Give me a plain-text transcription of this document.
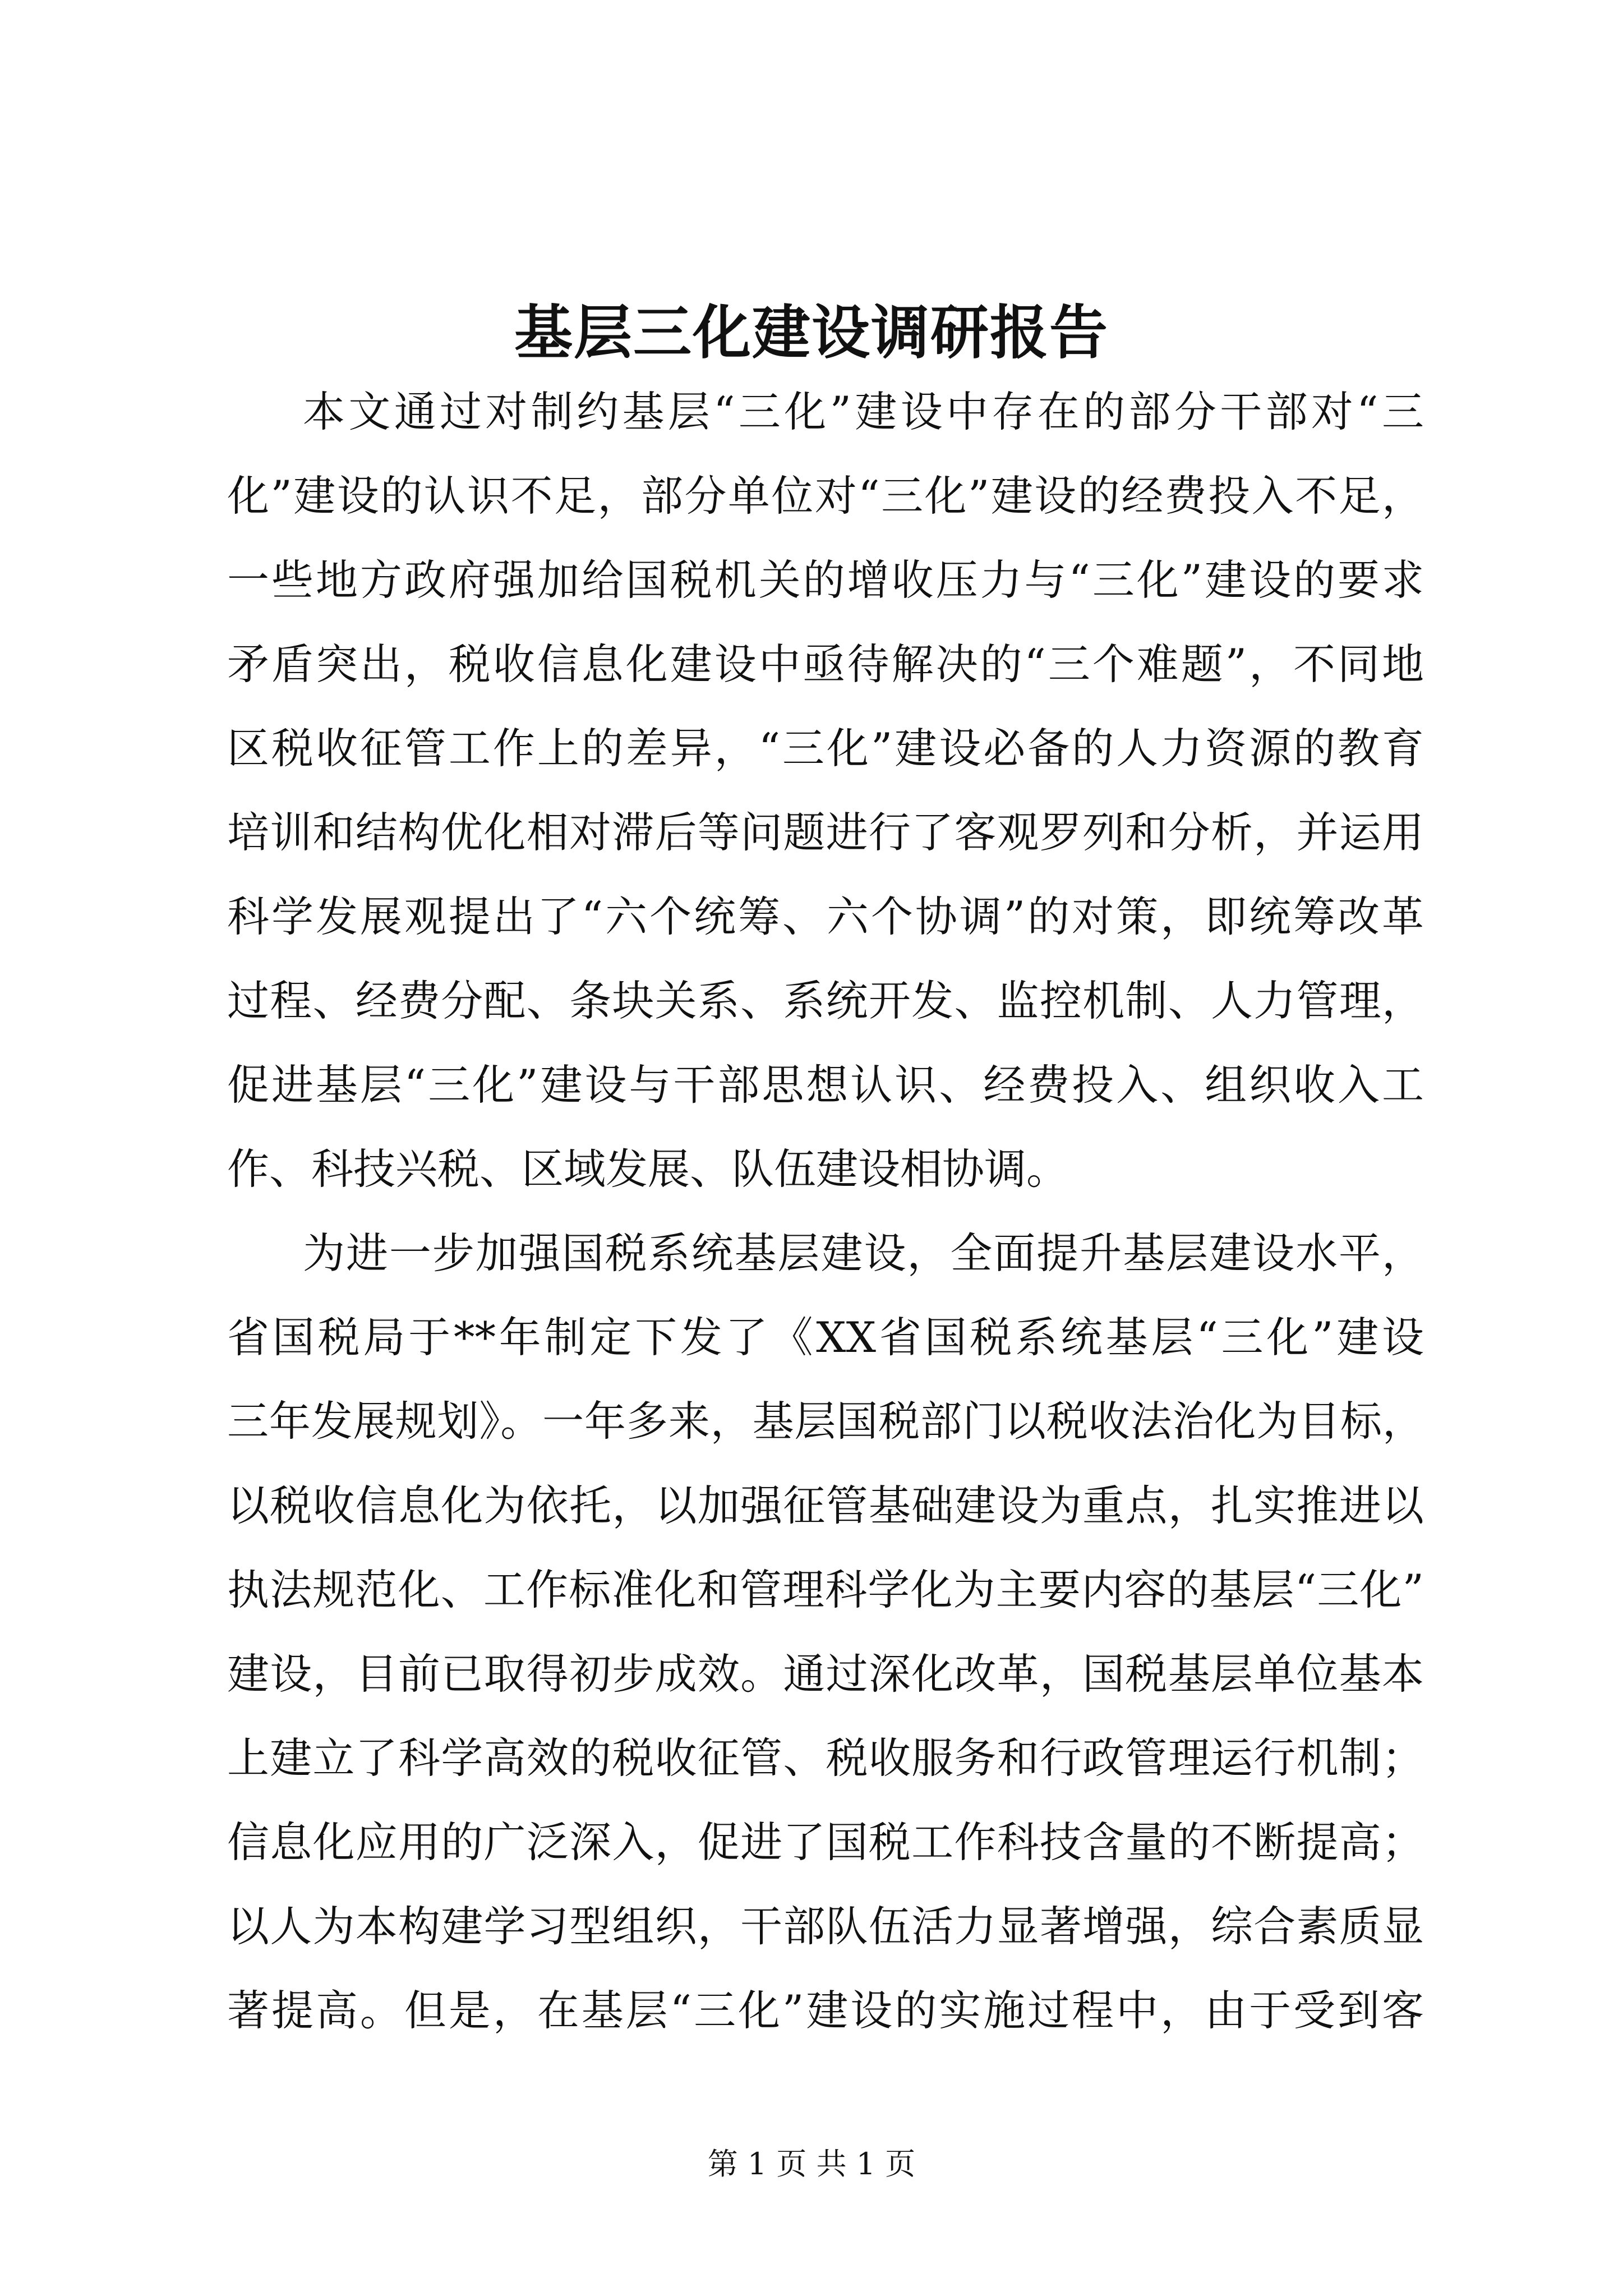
基层三化建设调研报告
本文通过对制约基层“三化”建设中存在的部分干部对“三
化”建设的认识不足，部分单位对“三化”建设的经费投入不足，
一些地方政府强加给国税机关的增收压力与“三化”建设的要求
矛盾突出，税收信息化建设中亟待解决的“三个难题”，不同地
区税收征管工作上的差异，“三化”建设必备的人力资源的教育
培训和结构优化相对滞后等问题进行了客观罗列和分析，并运用
科学发展观提出了“六个统筹、六个协调”的对策，即统筹改革
过程、经费分配、条块关系、系统开发、监控机制、人力管理，
促进基层“三化”建设与干部思想认识、经费投入、组织收入工
作、科技兴税、区域发展、队伍建设相协调。
为进一步加强国税系统基层建设，全面提升基层建设水平，
省国税局于**年制定下发了《XX省国税系统基层“三化”建设
三年发展规划》。一年多来，基层国税部门以税收法治化为目标，
以税收信息化为依托，以加强征管基础建设为重点，扎实推进以
执法规范化、工作标准化和管理科学化为主要内容的基层“三化”
建设，目前已取得初步成效。通过深化改革，国税基层单位基本
上建立了科学高效的税收征管、税收服务和行政管理运行机制；
信息化应用的广泛深入，促进了国税工作科技含量的不断提高；
以人为本构建学习型组织，干部队伍活力显著增强，综合素质显
著提高。但是，在基层“三化”建设的实施过程中，由于受到客
第 1 页 共 1 页
